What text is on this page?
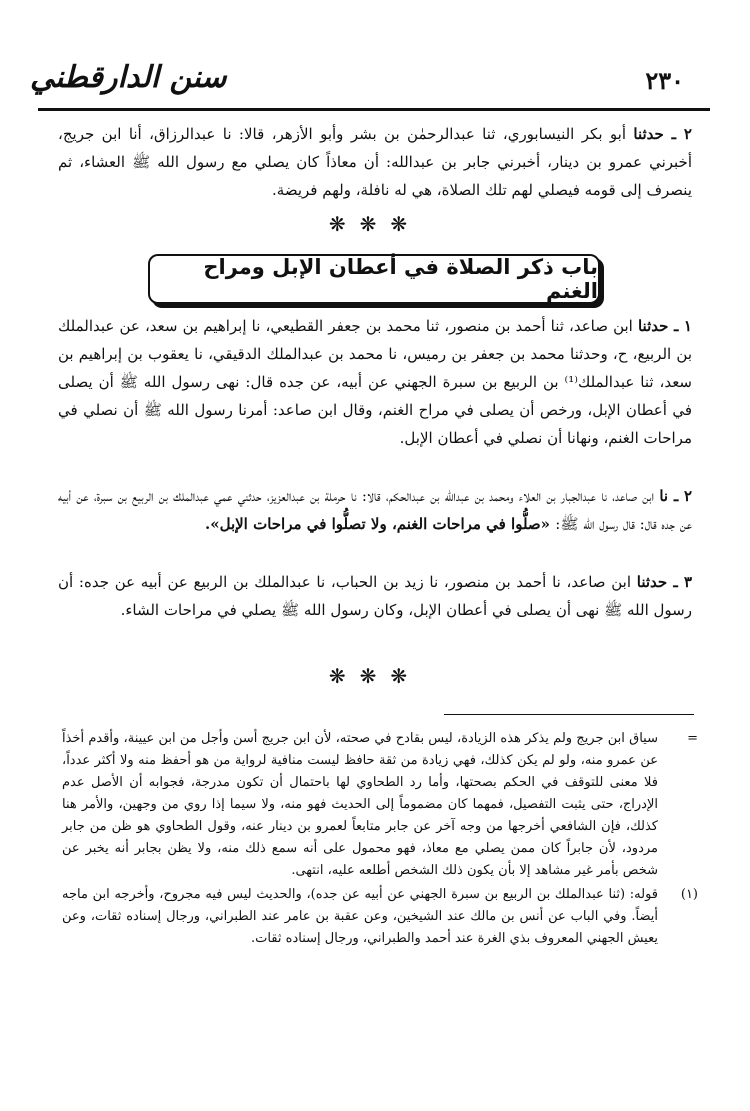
سنن الدارقطني	٢٣٠
٢ ـ حدثنا أبو بكر النيسابوري، ثنا عبدالرحمٰن بن بشر وأبو الأزهر، قالا: نا عبدالرزاق، أنا ابن جريج، أخبرني عمرو بن دينار، أخبرني جابر بن عبدالله: أن معاذاً كان يصلي مع رسول الله ﷺ العشاء، ثم ينصرف إلى قومه فيصلي لهم تلك الصلاة، هي له نافلة، ولهم فريضة.
❋❋❋
باب ذكر الصلاة في أعطان الإبل ومراح الغنم
١ ـ حدثنا ابن صاعد، ثنا أحمد بن منصور، ثنا محمد بن جعفر القطيعي، نا إبراهيم بن سعد، عن عبدالملك بن الربيع، ح، وحدثنا محمد بن جعفر بن رميس، نا محمد بن عبدالملك الدقيقي، نا يعقوب بن إبراهيم بن سعد، ثنا عبدالملك⁽¹⁾ بن الربيع بن سبرة الجهني عن أبيه، عن جده قال: نهى رسول الله ﷺ أن يصلى في أعطان الإبل، ورخص أن يصلى في مراح الغنم، وقال ابن صاعد: أمرنا رسول الله ﷺ أن نصلي في مراحات الغنم، ونهانا أن نصلي في أعطان الإبل.
٢ ـ نا ابن صاعد، نا عبدالجبار بن العلاء ومحمد بن عبدالله بن عبدالحكم، قالا: نا حرملة بن عبدالعزيز، حدثني عمي عبدالملك بن الربيع بن سبرة، عن أبيه عن جده قال: قال رسول الله ﷺ: «صلُّوا في مراحات الغنم، ولا تصلُّوا في مراحات الإبل».
٣ ـ حدثنا ابن صاعد، نا أحمد بن منصور، نا زيد بن الحباب، نا عبدالملك بن الربيع عن أبيه عن جده: أن رسول الله ﷺ نهى أن يصلى في أعطان الإبل، وكان رسول الله ﷺ يصلي في مراحات الشاء.
❋❋❋
=
سياق ابن جريج ولم يذكر هذه الزيادة، ليس بقادح في صحته، لأن ابن جريج أسن وأجل من ابن عيينة، وأقدم أخذاً عن عمرو منه، ولو لم يكن كذلك، فهي زيادة من ثقة حافظ ليست منافية لرواية من هو أحفظ منه ولا أكثر عدداً، فلا معنى للتوقف في الحكم بصحتها، وأما رد الطحاوي لها باحتمال أن تكون مدرجة، فجوابه أن الأصل عدم الإدراج، حتى يثبت التفصيل، فمهما كان مضموماً إلى الحديث فهو منه، ولا سيما إذا روي من وجهين، والأمر هنا كذلك، فإن الشافعي أخرجها من وجه آخر عن جابر متابعاً لعمرو بن دينار عنه، وقول الطحاوي هو ظن من جابر مردود، لأن جابراً كان ممن يصلي مع معاذ، فهو محمول على أنه سمع ذلك منه، ولا يظن بجابر أنه يخبر عن شخص بأمر غير مشاهد إلا بأن يكون ذلك الشخص أطلعه عليه، انتهى.
(١)
قوله: (ثنا عبدالملك بن الربيع بن سبرة الجهني عن أبيه عن جده)، والحديث ليس فيه مجروح، وأخرجه ابن ماجه أيضاً. وفي الباب عن أنس بن مالك عند الشيخين، وعن عقبة بن عامر عند الطبراني، ورجال إسناده ثقات، وعن يعيش الجهني المعروف بذي الغرة عند أحمد والطبراني، ورجال إسناده ثقات.
